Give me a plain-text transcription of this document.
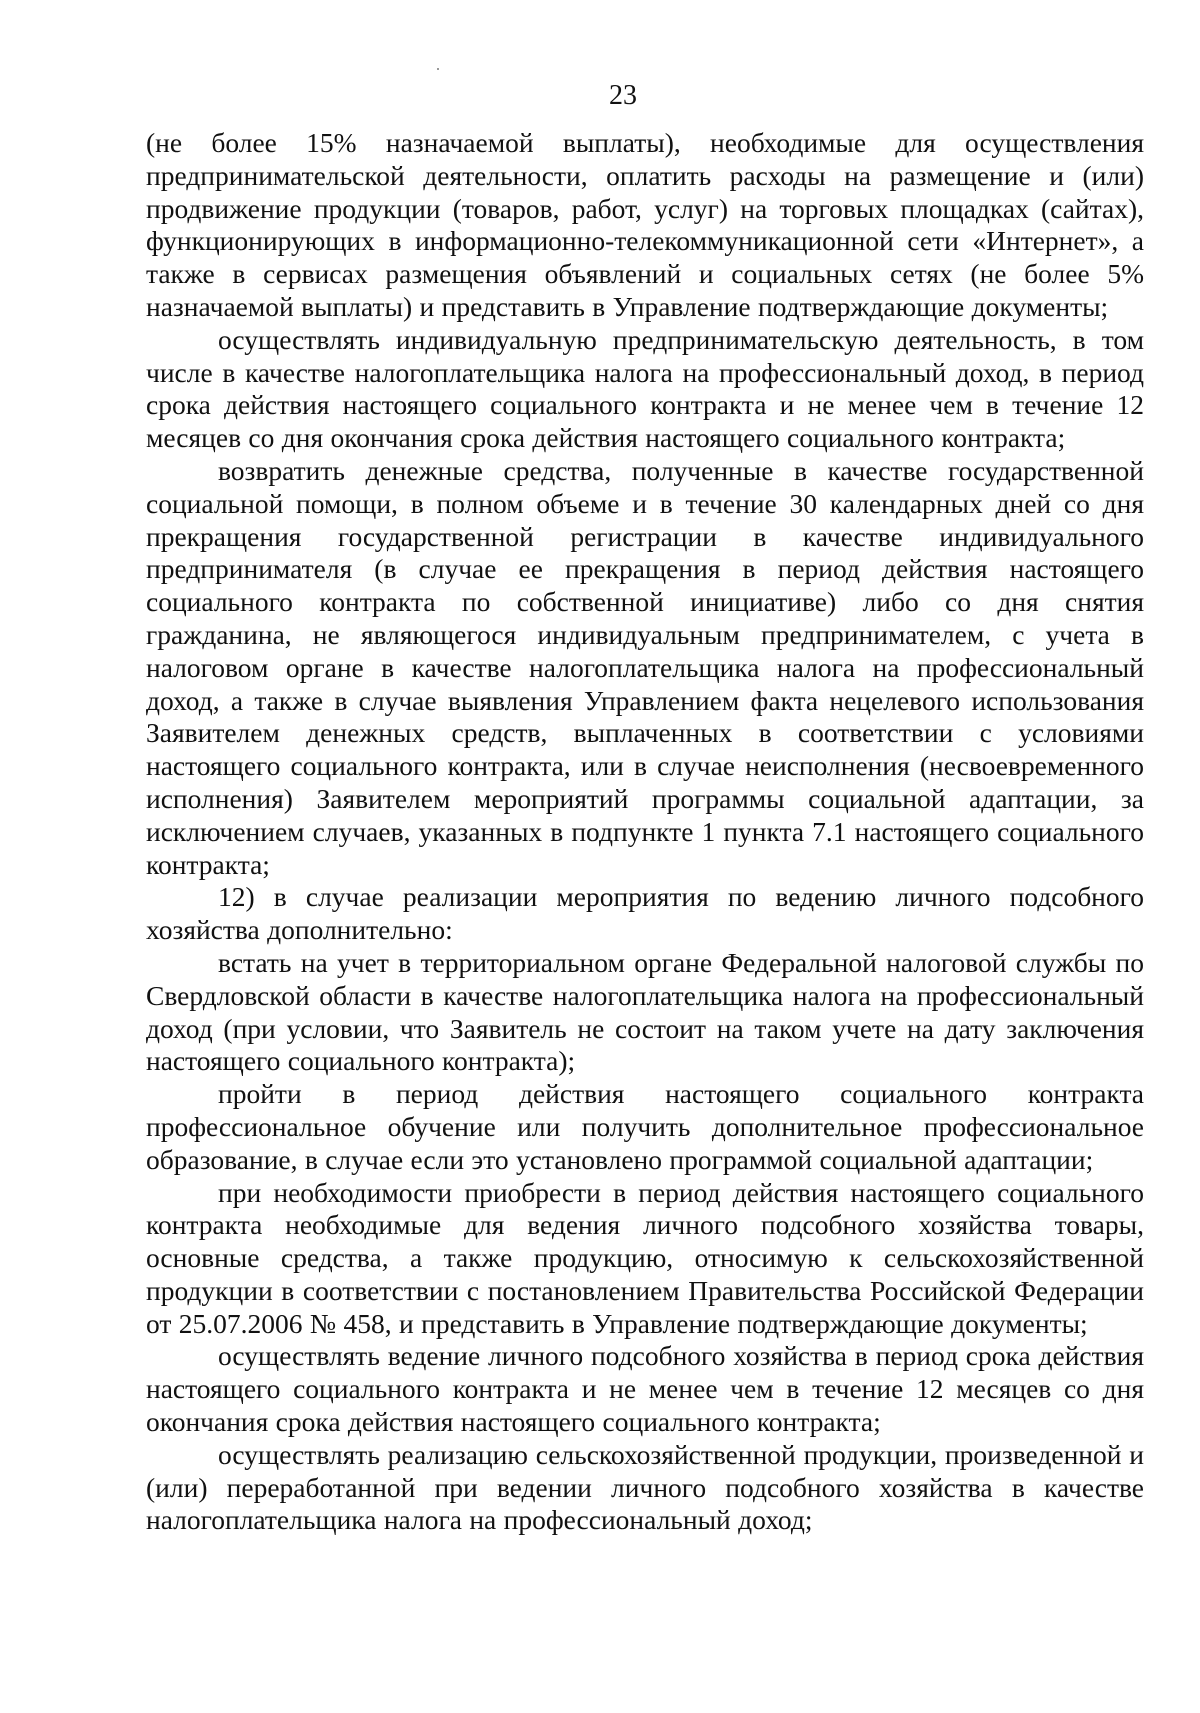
23

(не более 15% назначаемой выплаты), необходимые для осуществления предпринимательской деятельности, оплатить расходы на размещение и (или) продвижение продукции (товаров, работ, услуг) на торговых площадках (сайтах), функционирующих в информационно-телекоммуникационной сети «Интернет», а также в сервисах размещения объявлений и социальных сетях (не более 5% назначаемой выплаты) и представить в Управление подтверждающие документы;

осуществлять индивидуальную предпринимательскую деятельность, в том числе в качестве налогоплательщика налога на профессиональный доход, в период срока действия настоящего социального контракта и не менее чем в течение 12 месяцев со дня окончания срока действия настоящего социального контракта;

возвратить денежные средства, полученные в качестве государственной социальной помощи, в полном объеме и в течение 30 календарных дней со дня прекращения государственной регистрации в качестве индивидуального предпринимателя (в случае ее прекращения в период действия настоящего социального контракта по собственной инициативе) либо со дня снятия гражданина, не являющегося индивидуальным предпринимателем, с учета в налоговом органе в качестве налогоплательщика налога на профессиональный доход, а также в случае выявления Управлением факта нецелевого использования Заявителем денежных средств, выплаченных в соответствии с условиями настоящего социального контракта, или в случае неисполнения (несвоевременного исполнения) Заявителем мероприятий программы социальной адаптации, за исключением случаев, указанных в подпункте 1 пункта 7.1 настоящего социального контракта;

12) в случае реализации мероприятия по ведению личного подсобного хозяйства дополнительно:

встать на учет в территориальном органе Федеральной налоговой службы по Свердловской области в качестве налогоплательщика налога на профессиональный доход (при условии, что Заявитель не состоит на таком учете на дату заключения настоящего социального контракта);

пройти в период действия настоящего социального контракта профессиональное обучение или получить дополнительное профессиональное образование, в случае если это установлено программой социальной адаптации;

при необходимости приобрести в период действия настоящего социального контракта необходимые для ведения личного подсобного хозяйства товары, основные средства, а также продукцию, относимую к сельскохозяйственной продукции в соответствии с постановлением Правительства Российской Федерации от 25.07.2006 № 458, и представить в Управление подтверждающие документы;

осуществлять ведение личного подсобного хозяйства в период срока действия настоящего социального контракта и не менее чем в течение 12 месяцев со дня окончания срока действия настоящего социального контракта;

осуществлять реализацию сельскохозяйственной продукции, произведенной и (или) переработанной при ведении личного подсобного хозяйства в качестве налогоплательщика налога на профессиональный доход;
